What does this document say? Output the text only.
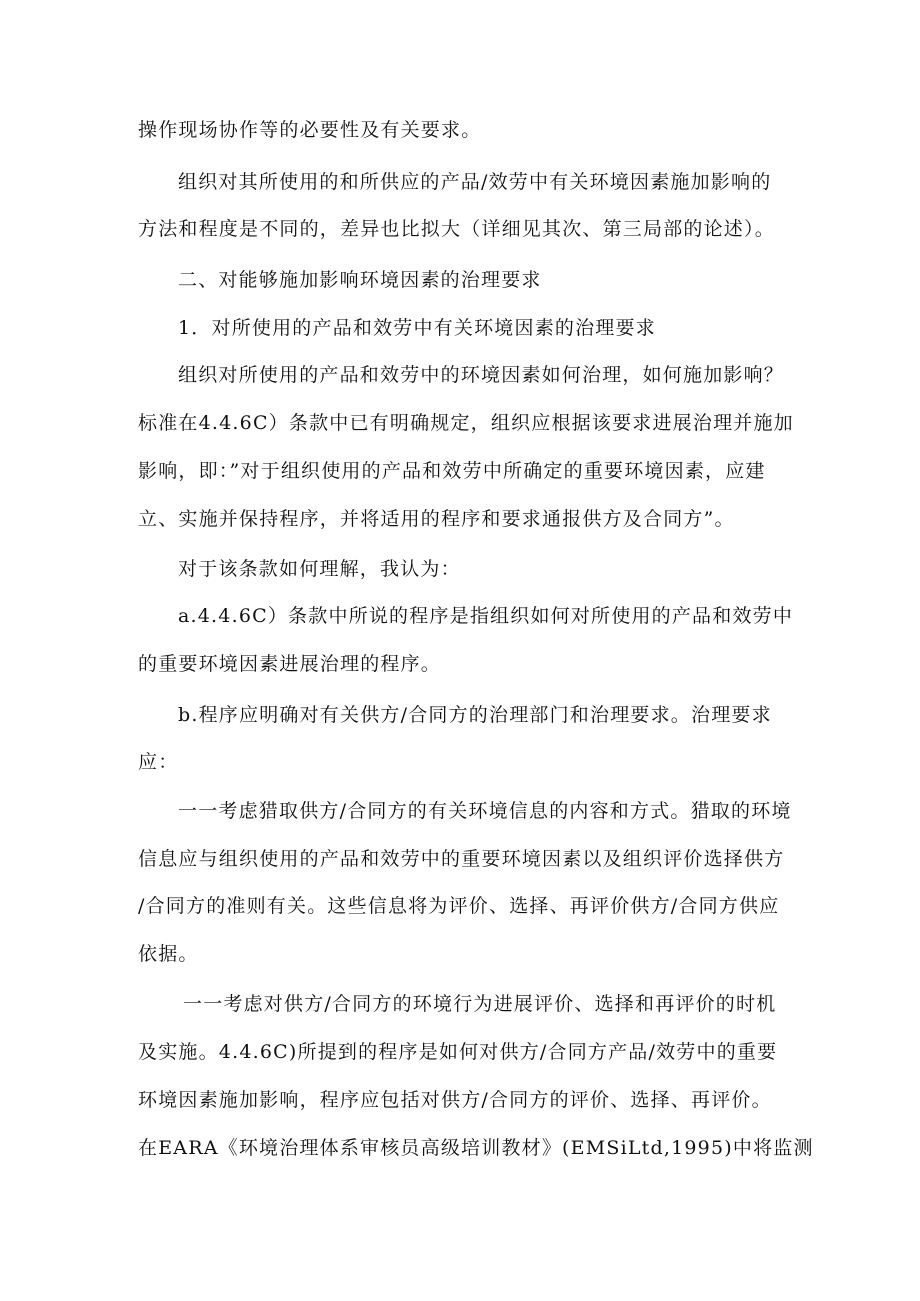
操作现场协作等的必要性及有关要求。
组织对其所使用的和所供应的产品/效劳中有关环境因素施加影响的
方法和程度是不同的，差异也比拟大（详细见其次、第三局部的论述）。
二、对能够施加影响环境因素的治理要求
1．对所使用的产品和效劳中有关环境因素的治理要求
组织对所使用的产品和效劳中的环境因素如何治理，如何施加影响？
标准在4.4.6C）条款中已有明确规定，组织应根据该要求进展治理并施加
影响，即：”对于组织使用的产品和效劳中所确定的重要环境因素，应建
立、实施并保持程序，并将适用的程序和要求通报供方及合同方”。
对于该条款如何理解，我认为：
a.4.4.6C）条款中所说的程序是指组织如何对所使用的产品和效劳中
的重要环境因素进展治理的程序。
b.程序应明确对有关供方/合同方的治理部门和治理要求。治理要求
应：
一一考虑猎取供方/合同方的有关环境信息的内容和方式。猎取的环境
信息应与组织使用的产品和效劳中的重要环境因素以及组织评价选择供方
/合同方的准则有关。这些信息将为评价、选择、再评价供方/合同方供应
依据。
一一考虑对供方/合同方的环境行为进展评价、选择和再评价的时机
及实施。4.4.6C)所提到的程序是如何对供方/合同方产品/效劳中的重要
环境因素施加影响，程序应包括对供方/合同方的评价、选择、再评价。
在EARA《环境治理体系审核员高级培训教材》(EMSiLtd,1995)中将监测
